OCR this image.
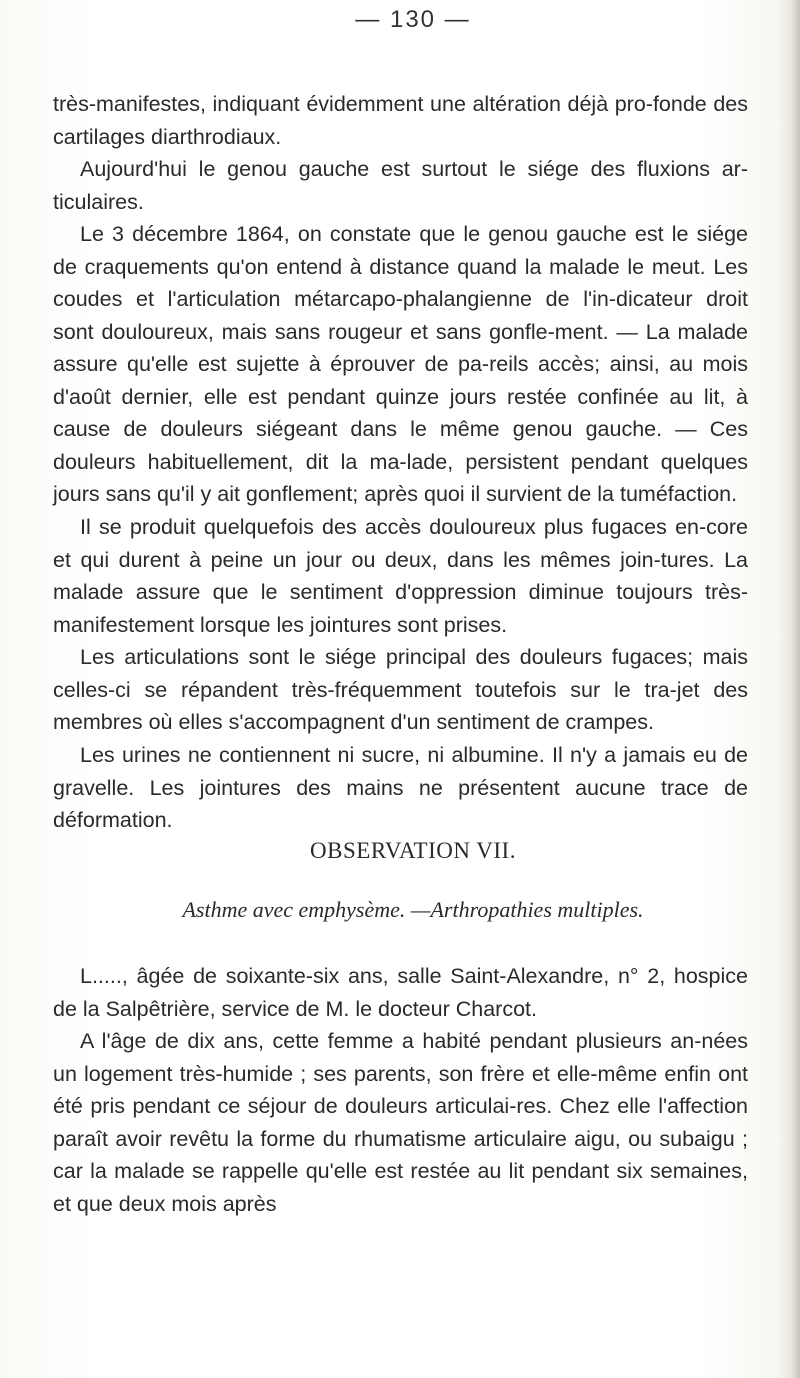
— 130 —
très-manifestes, indiquant évidemment une altération déjà pro-fonde des cartilages diarthrodiaux.
Aujourd'hui le genou gauche est surtout le siége des fluxions ar-ticulaires.
Le 3 décembre 1864, on constate que le genou gauche est le siége de craquements qu'on entend à distance quand la malade le meut. Les coudes et l'articulation métarcapo-phalangienne de l'in-dicateur droit sont douloureux, mais sans rougeur et sans gonfle-ment. — La malade assure qu'elle est sujette à éprouver de pa-reils accès; ainsi, au mois d'août dernier, elle est pendant quinze jours restée confinée au lit, à cause de douleurs siégeant dans le même genou gauche. — Ces douleurs habituellement, dit la ma-lade, persistent pendant quelques jours sans qu'il y ait gonflement; après quoi il survient de la tuméfaction.
Il se produit quelquefois des accès douloureux plus fugaces en-core et qui durent à peine un jour ou deux, dans les mêmes join-tures. La malade assure que le sentiment d'oppression diminue toujours très-manifestement lorsque les jointures sont prises.
Les articulations sont le siége principal des douleurs fugaces; mais celles-ci se répandent très-fréquemment toutefois sur le tra-jet des membres où elles s'accompagnent d'un sentiment de crampes.
Les urines ne contiennent ni sucre, ni albumine. Il n'y a jamais eu de gravelle. Les jointures des mains ne présentent aucune trace de déformation.
OBSERVATION VII.
Asthme avec emphysème. —Arthropathies multiples.
L....., âgée de soixante-six ans, salle Saint-Alexandre, n° 2, hospice de la Salpêtrière, service de M. le docteur Charcot.
A l'âge de dix ans, cette femme a habité pendant plusieurs an-nées un logement très-humide ; ses parents, son frère et elle-même enfin ont été pris pendant ce séjour de douleurs articulai-res. Chez elle l'affection paraît avoir revêtu la forme du rhumatisme articulaire aigu, ou subaigu ; car la malade se rappelle qu'elle est restée au lit pendant six semaines, et que deux mois après
